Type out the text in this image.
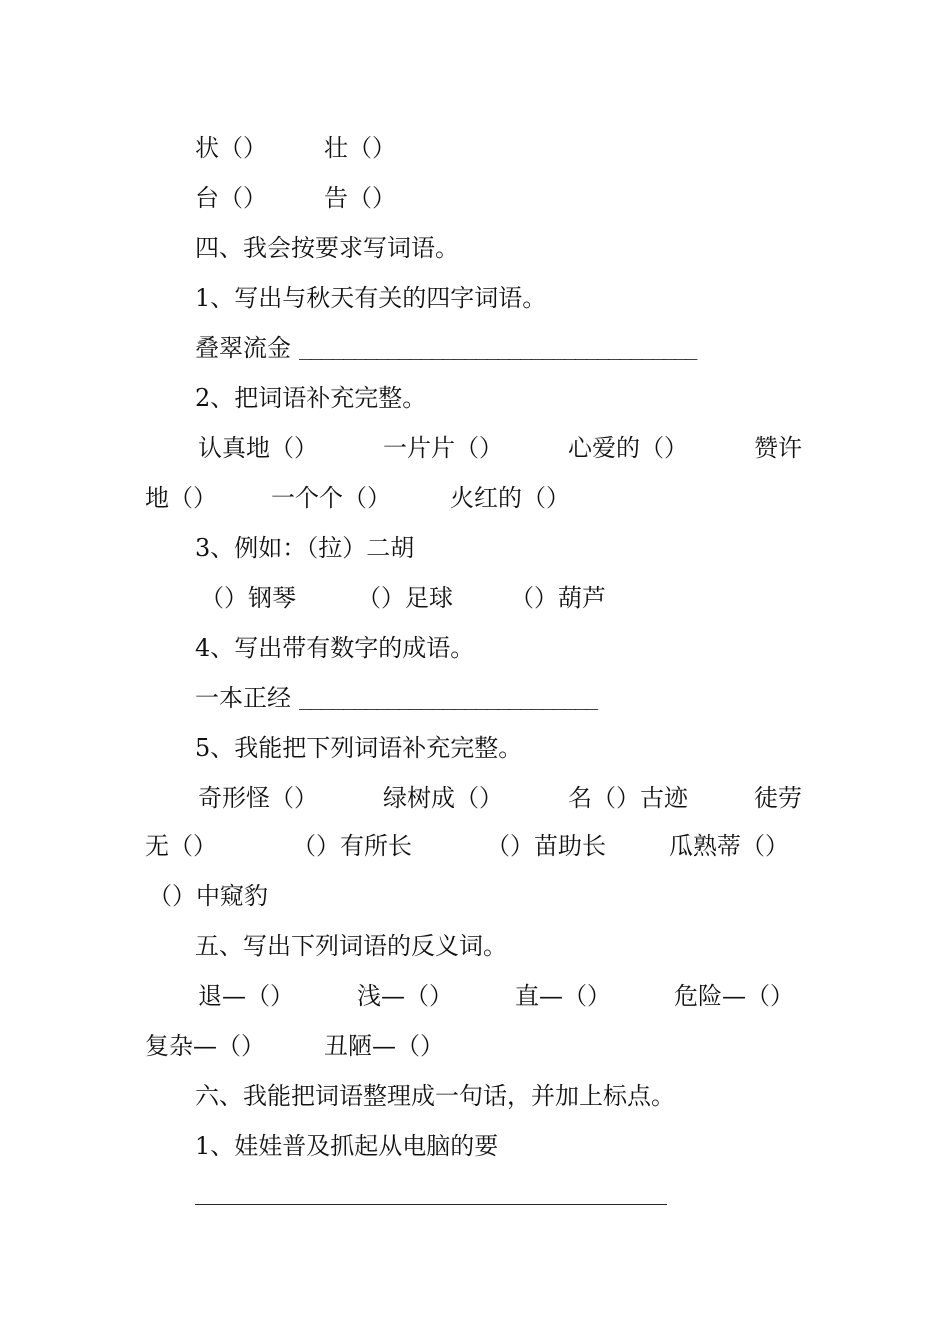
状（） 壮（）
台（） 告（）
四、我会按要求写词语。
1、写出与秋天有关的四字词语。
叠翠流金 ____________________________________
2、把词语补充完整。
认真地（）	一片片（）	心爱的（）	赞许
地（） 一个个（） 火红的（）
3、例如：（拉）二胡
（）钢琴	（）足球 （）葫芦
4、写出带有数字的成语。
一本正经 ___________________________
5、我能把下列词语补充完整。
奇形怪（）	绿树成（）	名（）古迹	徒劳
无（）	（）有所长	（）苗助长	瓜熟蒂（）
（）中窥豹
五、写出下列词语的反义词。
退—（）	浅—（）	直—（）	危险—（）
复杂—（） 丑陋—（）
六、我能把词语整理成一句话，并加上标点。
1、娃娃普及抓起从电脑的要
